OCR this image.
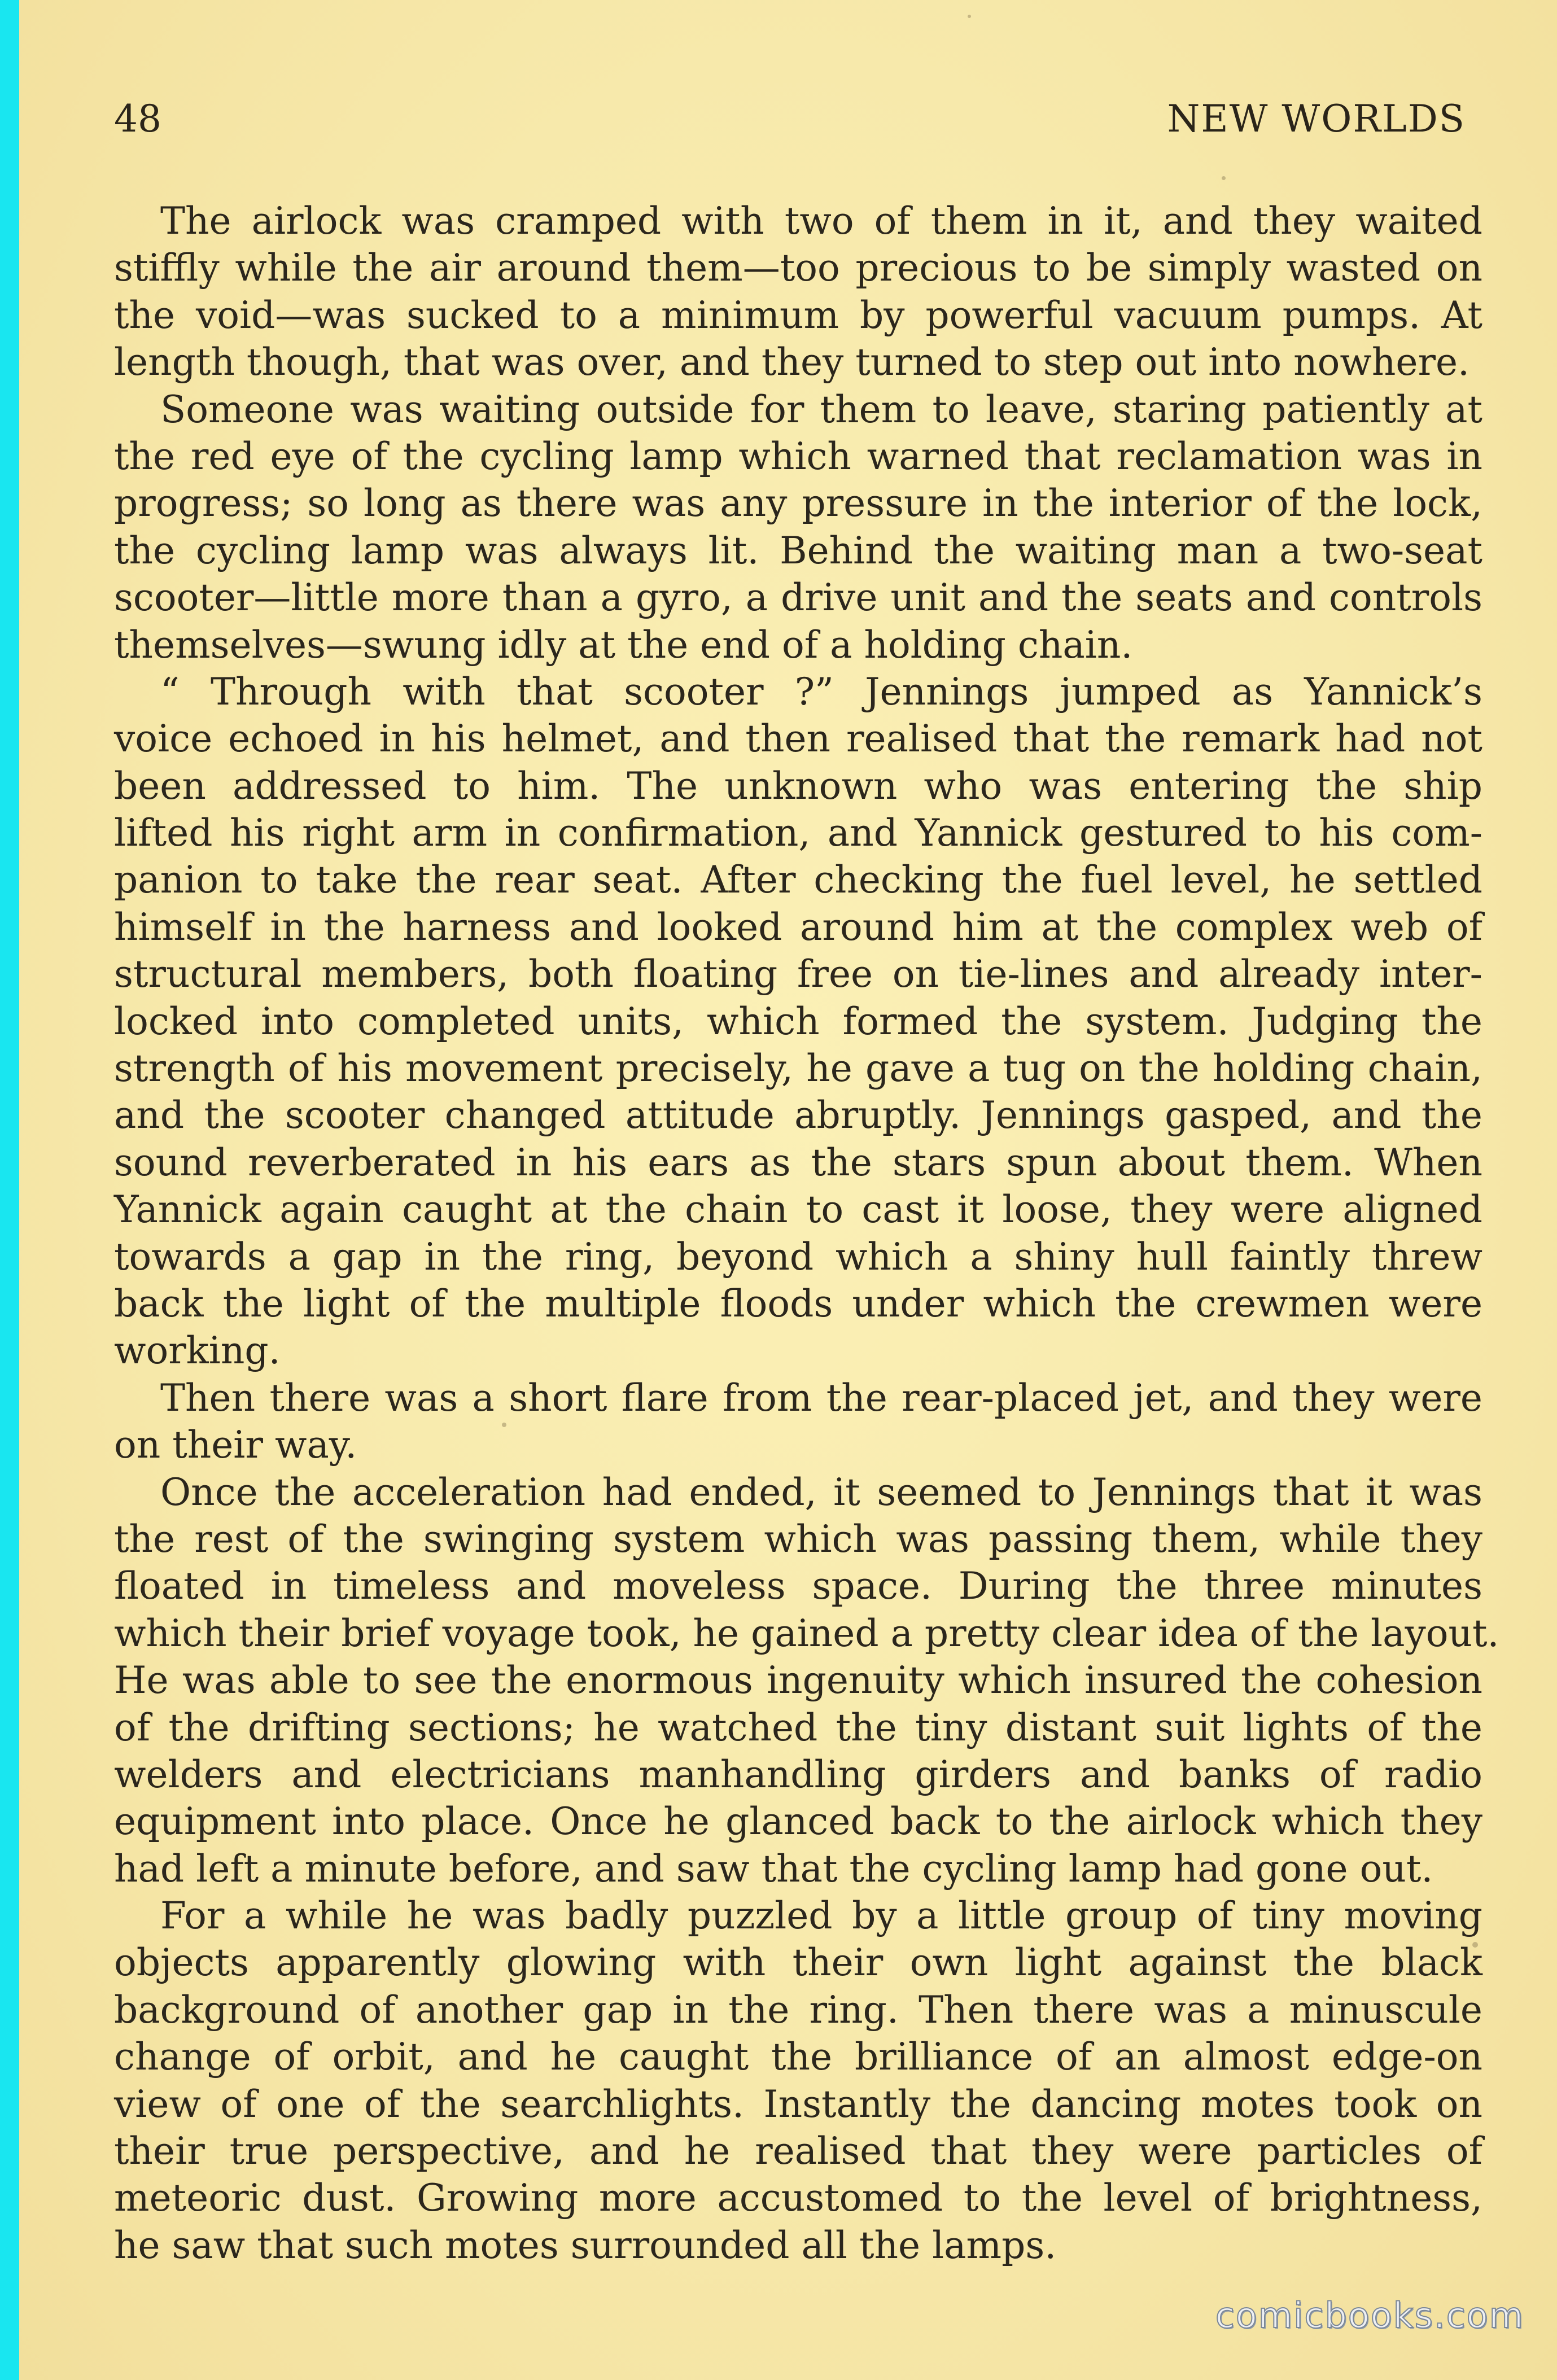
48	NEW WORLDS
The airlock was cramped with two of them in it, and they waited
stiffly while the air around them—too precious to be simply wasted on
the void—was sucked to a minimum by powerful vacuum pumps. At
length though, that was over, and they turned to step out into nowhere.
Someone was waiting outside for them to leave, staring patiently at
the red eye of the cycling lamp which warned that reclamation was in
progress; so long as there was any pressure in the interior of the lock,
the cycling lamp was always lit. Behind the waiting man a two-seat
scooter—little more than a gyro, a drive unit and the seats and controls
themselves—swung idly at the end of a holding chain.
“ Through with that scooter ?” Jennings jumped as Yannick’s
voice echoed in his helmet, and then realised that the remark had not
been addressed to him. The unknown who was entering the ship
lifted his right arm in confirmation, and Yannick gestured to his com-
panion to take the rear seat. After checking the fuel level, he settled
himself in the harness and looked around him at the complex web of
structural members, both floating free on tie-lines and already inter-
locked into completed units, which formed the system. Judging the
strength of his movement precisely, he gave a tug on the holding chain,
and the scooter changed attitude abruptly. Jennings gasped, and the
sound reverberated in his ears as the stars spun about them. When
Yannick again caught at the chain to cast it loose, they were aligned
towards a gap in the ring, beyond which a shiny hull faintly threw
back the light of the multiple floods under which the crewmen were
working.
Then there was a short flare from the rear-placed jet, and they were
on their way.
Once the acceleration had ended, it seemed to Jennings that it was
the rest of the swinging system which was passing them, while they
floated in timeless and moveless space. During the three minutes
which their brief voyage took, he gained a pretty clear idea of the layout.
He was able to see the enormous ingenuity which insured the cohesion
of the drifting sections; he watched the tiny distant suit lights of the
welders and electricians manhandling girders and banks of radio
equipment into place. Once he glanced back to the airlock which they
had left a minute before, and saw that the cycling lamp had gone out.
For a while he was badly puzzled by a little group of tiny moving
objects apparently glowing with their own light against the black
background of another gap in the ring. Then there was a minuscule
change of orbit, and he caught the brilliance of an almost edge-on
view of one of the searchlights. Instantly the dancing motes took on
their true perspective, and he realised that they were particles of
meteoric dust. Growing more accustomed to the level of brightness,
he saw that such motes surrounded all the lamps.
comicbooks.com
